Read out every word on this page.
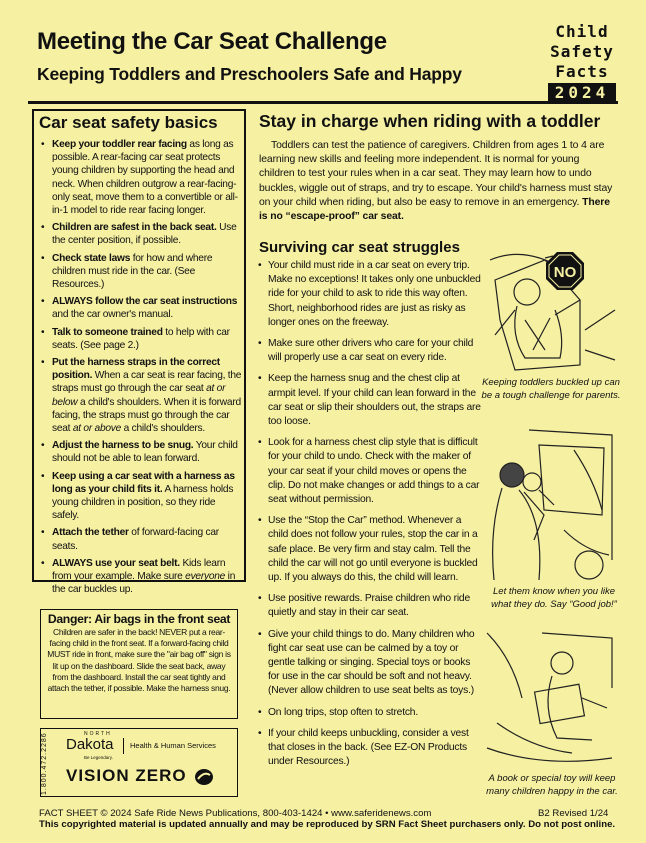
Meeting the Car Seat Challenge
Keeping Toddlers and Preschoolers Safe and Happy
Child
Safety
Facts
2024
Car seat safety basics
• Keep your toddler rear facing as long as possible. A rear-facing car seat protects young children by supporting the head and neck. When children outgrow a rear-facing-only seat, move them to a convertible or all-in-1 model to ride rear facing longer.
• Children are safest in the back seat. Use the center position, if possible.
• Check state laws for how and where children must ride in the car. (See Resources.)
• ALWAYS follow the car seat instructions and the car owner's manual.
• Talk to someone trained to help with car seats. (See page 2.)
• Put the harness straps in the correct position. When a car seat is rear facing, the straps must go through the car seat at or below a child's shoulders. When it is forward facing, the straps must go through the car seat at or above a child's shoulders.
• Adjust the harness to be snug. Your child should not be able to lean forward.
• Keep using a car seat with a harness as long as your child fits it. A harness holds young children in position, so they ride safely.
• Attach the tether of forward-facing car seats.
• ALWAYS use your seat belt. Kids learn from your example. Make sure everyone in the car buckles up.
Danger: Air bags in the front seat

Children are safer in the back! NEVER put a rear-facing child in the front seat. If a forward-facing child MUST ride in front, make sure the "air bag off" sign is lit up on the dashboard. Slide the seat back, away from the dashboard. Install the car seat tightly and attach the tether, if possible. Make the harness snug.

1.800.472.2286	NORTH
Dakota
Be Legendary.
Health & Human Services
VISION ZERO
Stay in charge when riding with a toddler

Toddlers can test the patience of caregivers. Children from ages 1 to 4 are learning new skills and feeling more independent. It is normal for young children to test your rules when in a car seat. They may learn how to undo buckles, wiggle out of straps, and try to escape. Your child's harness must stay on your child when riding, but also be easy to remove in an emergency. There is no “escape-proof” car seat.

Surviving car seat struggles
• Your child must ride in a car seat on every trip. Make no exceptions! It takes only one unbuckled ride for your child to ask to ride this way often. Short, neighborhood rides are just as risky as longer ones on the freeway.
• Make sure other drivers who care for your child will properly use a car seat on every ride.
• Keep the harness snug and the chest clip at armpit level. If your child can lean forward in the car seat or slip their shoulders out, the straps are too loose.
• Look for a harness chest clip style that is difficult for your child to undo. Check with the maker of your car seat if your child moves or opens the clip. Do not make changes or add things to a car seat without permission.
• Use the “Stop the Car” method. Whenever a child does not follow your rules, stop the car in a safe place. Be very firm and stay calm. Tell the child the car will not go until everyone is buckled up. If you always do this, the child will learn.
• Use positive rewards. Praise children who ride quietly and stay in their car seat.
• Give your child things to do. Many children who fight car seat use can be calmed by a toy or gentle talking or singing. Special toys or books for use in the car should be soft and not heavy. (Never allow children to use seat belts as toys.)
• On long trips, stop often to stretch.
• If your child keeps unbuckling, consider a vest that closes in the back. (See EZ-ON Products under Resources.)
NO
Keeping toddlers buckled up can be a tough challenge for parents.
Let them know when you like what they do. Say “Good job!”
A book or special toy will keep many children happy in the car.
FACT SHEET © 2024 Safe Ride News Publications, 800-403-1424 • www.saferidenews.com	B2 Revised 1/24
This copyrighted material is updated annually and may be reproduced by SRN Fact Sheet purchasers only. Do not post online.
